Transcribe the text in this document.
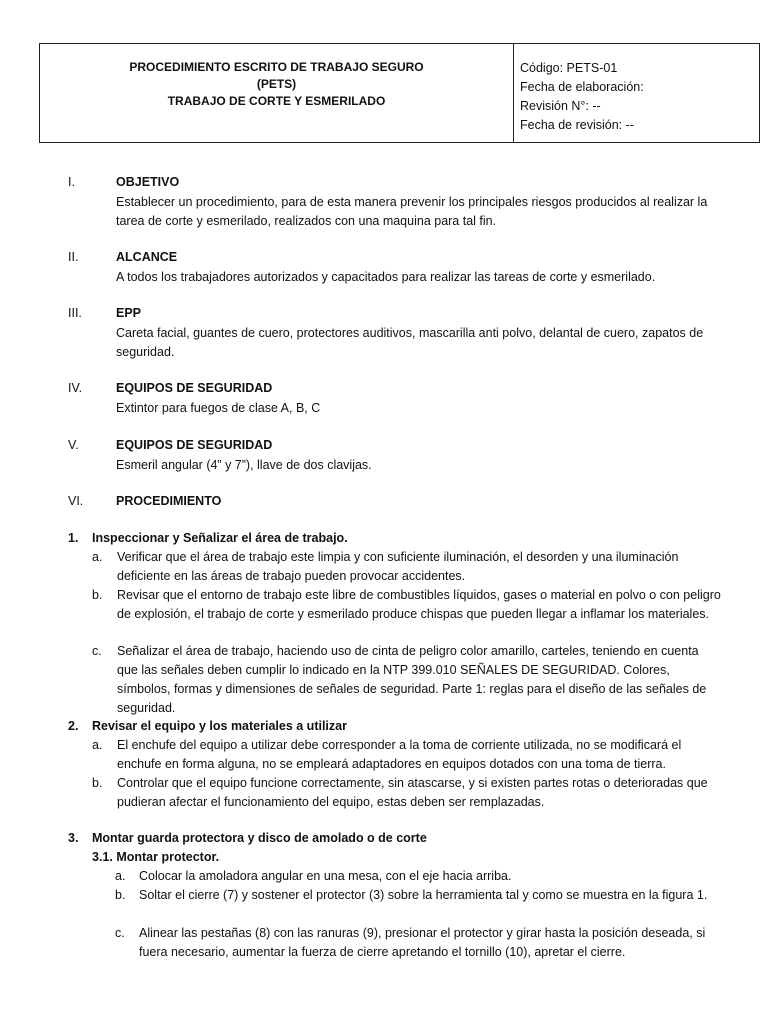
PROCEDIMIENTO ESCRITO DE TRABAJO SEGURO
(PETS)
TRABAJO DE CORTE Y ESMERILADO
Código: PETS-01
Fecha de elaboración:
Revisión N°: --
Fecha de revisión: --
I.	OBJETIVO
Establecer un procedimiento, para de esta manera prevenir los principales riesgos producidos al realizar la tarea de corte y esmerilado, realizados con una maquina para tal fin.
II.	ALCANCE
A todos los trabajadores autorizados y capacitados para realizar las tareas de corte y esmerilado.
III.	EPP
Careta facial, guantes de cuero, protectores auditivos, mascarilla anti polvo, delantal de cuero, zapatos de seguridad.
IV.	EQUIPOS DE SEGURIDAD
Extintor para fuegos de clase A, B, C
V.	EQUIPOS DE SEGURIDAD
Esmeril angular (4” y 7”), llave de dos clavijas.
VI.	PROCEDIMIENTO
1. Inspeccionar y Señalizar el área de trabajo.
a. Verificar que el área de trabajo este limpia y con suficiente iluminación, el desorden y una iluminación deficiente en las áreas de trabajo pueden provocar accidentes.
b. Revisar que el entorno de trabajo este libre de combustibles líquidos, gases o material en polvo o con peligro de explosión, el trabajo de corte y esmerilado produce chispas que pueden llegar a inflamar los materiales.
c. Señalizar el área de trabajo, haciendo uso de cinta de peligro color amarillo, carteles, teniendo en cuenta que las señales deben cumplir lo indicado en la NTP 399.010 SEÑALES DE SEGURIDAD. Colores, símbolos, formas y dimensiones de señales de seguridad. Parte 1: reglas para el diseño de las señales de seguridad.
2. Revisar el equipo y los materiales a utilizar
a. El enchufe del equipo a utilizar debe corresponder a la toma de corriente utilizada, no se modificará el enchufe en forma alguna, no se empleará adaptadores en equipos dotados con una toma de tierra.
b. Controlar que el equipo funcione correctamente, sin atascarse, y si existen partes rotas o deterioradas que pudieran afectar el funcionamiento del equipo, estas deben ser remplazadas.
3. Montar guarda protectora y disco de amolado o de corte
3.1. Montar protector.
a. Colocar la amoladora angular en una mesa, con el eje hacia arriba.
b. Soltar el cierre (7) y sostener el protector (3) sobre la herramienta tal y como se muestra en la figura 1.
c. Alinear las pestañas (8) con las ranuras (9), presionar el protector y girar hasta la posición deseada, si fuera necesario, aumentar la fuerza de cierre apretando el tornillo (10), apretar el cierre.
